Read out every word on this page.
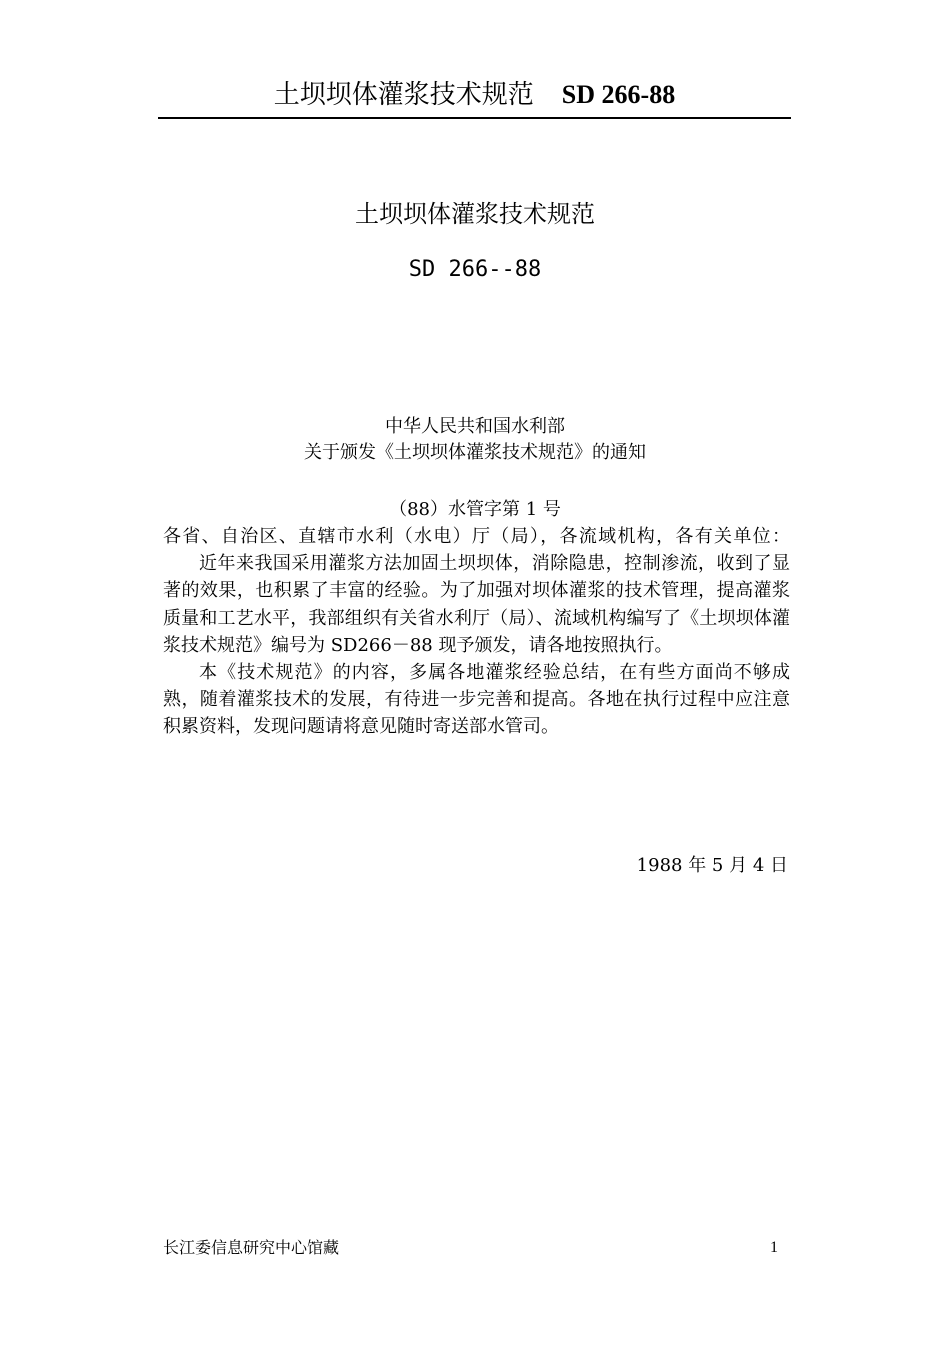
土坝坝体灌浆技术规范 SD 266-88
土坝坝体灌浆技术规范
SD 266--88
中华人民共和国水利部
关于颁发《土坝坝体灌浆技术规范》的通知
（88）水管字第 1 号
各省、自治区、直辖市水利（水电）厅（局），各流域机构，各有关单位：

近年来我国采用灌浆方法加固土坝坝体，消除隐患，控制渗流，收到了显著的效果，也积累了丰富的经验。为了加强对坝体灌浆的技术管理，提高灌浆质量和工艺水平，我部组织有关省水利厅（局）、流域机构编写了《土坝坝体灌浆技术规范》编号为 SD266－88 现予颁发，请各地按照执行。

本《技术规范》的内容，多属各地灌浆经验总结，在有些方面尚不够成熟，随着灌浆技术的发展，有待进一步完善和提高。各地在执行过程中应注意积累资料，发现问题请将意见随时寄送部水管司。

1988 年 5 月 4 日
长江委信息研究中心馆藏	1
